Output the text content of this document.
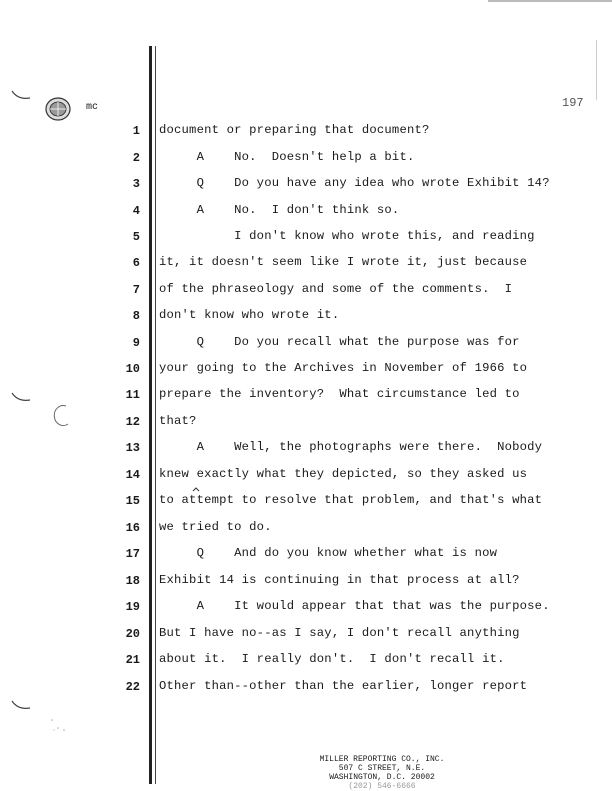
mc	197
1 document or preparing that document?
2 A    No.  Doesn't help a bit.
3 Q    Do you have any idea who wrote Exhibit 14?
4 A    No.  I don't think so.
5 I don't know who wrote this, and reading
6 it, it doesn't seem like I wrote it, just because
7 of the phraseology and some of the comments.  I
8 don't know who wrote it.
9 Q    Do you recall what the purpose was for
10 your going to the Archives in November of 1966 to
11 prepare the inventory?  What circumstance led to
12 that?
13 A    Well, the photographs were there.  Nobody
14 knew exactly what they depicted, so they asked us
15 to attempt to resolve that problem, and that's what
16 we tried to do.
17 Q    And do you know whether what is now
18 Exhibit 14 is continuing in that process at all?
19 A    It would appear that that was the purpose.
20 But I have no--as I say, I don't recall anything
21 about it.  I really don't.  I don't recall it.
22 Other than--other than the earlier, longer report
MILLER REPORTING CO., INC.
507 C STREET, N.E.
WASHINGTON, D.C. 20002
(202) 546-6666
